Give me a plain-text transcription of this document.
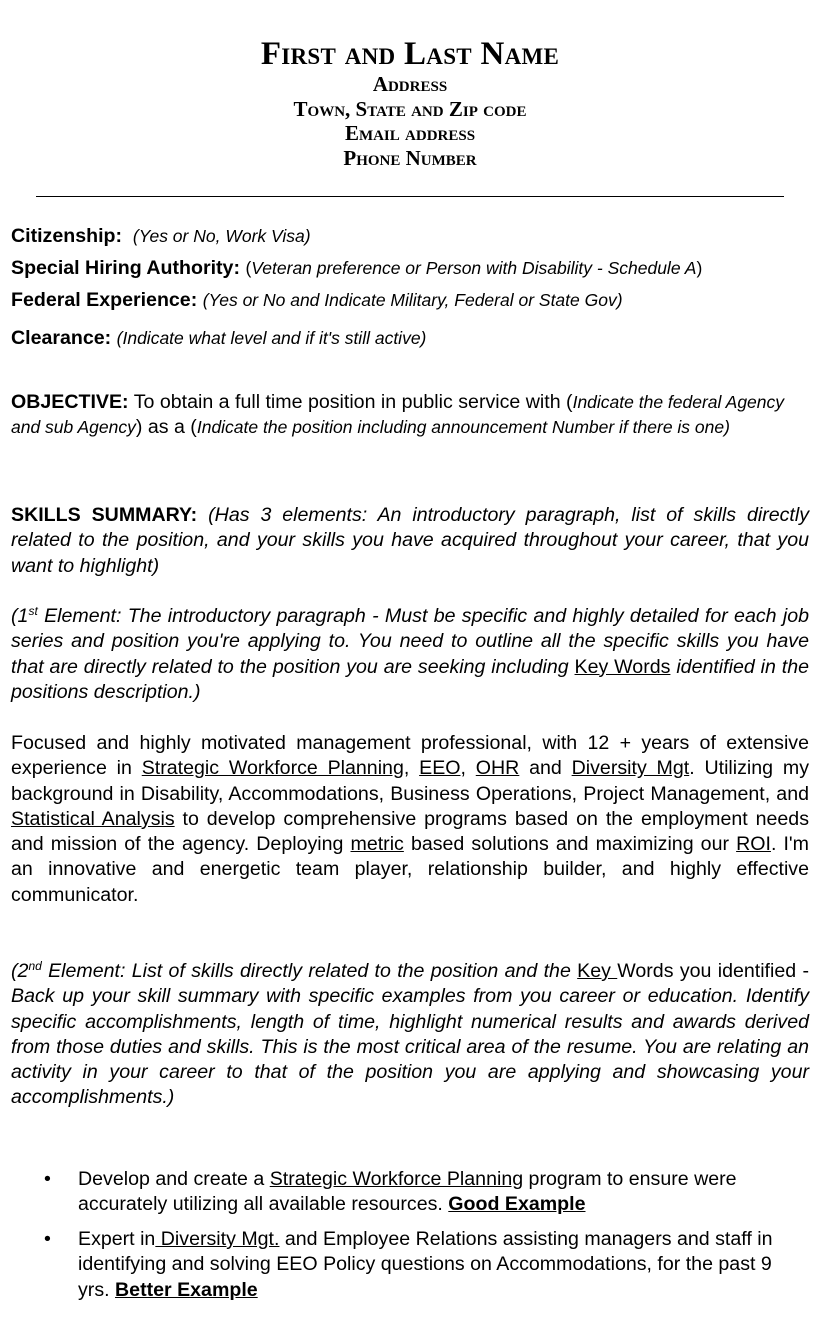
First and Last Name
Address
Town, State and Zip code
Email address
Phone Number
Citizenship: (Yes or No, Work Visa)
Special Hiring Authority: (Veteran preference or Person with Disability - Schedule A)
Federal Experience: (Yes or No and Indicate Military, Federal or State Gov)
Clearance: (Indicate what level and if it's still active)
OBJECTIVE: To obtain a full time position in public service with (Indicate the federal Agency and sub Agency) as a (Indicate the position including announcement Number if there is one)
SKILLS SUMMARY: (Has 3 elements: An introductory paragraph, list of skills directly related to the position, and your skills you have acquired throughout your career, that you want to highlight)
(1st Element: The introductory paragraph - Must be specific and highly detailed for each job series and position you're applying to. You need to outline all the specific skills you have that are directly related to the position you are seeking including Key Words identified in the positions description.)
Focused and highly motivated management professional, with 12 + years of extensive experience in Strategic Workforce Planning, EEO, OHR and Diversity Mgt. Utilizing my background in Disability, Accommodations, Business Operations, Project Management, and Statistical Analysis to develop comprehensive programs based on the employment needs and mission of the agency. Deploying metric based solutions and maximizing our ROI. I'm an innovative and energetic team player, relationship builder, and highly effective communicator.
(2nd Element: List of skills directly related to the position and the Key Words you identified - Back up your skill summary with specific examples from you career or education. Identify specific accomplishments, length of time, highlight numerical results and awards derived from those duties and skills. This is the most critical area of the resume. You are relating an activity in your career to that of the position you are applying and showcasing your accomplishments.)
• Develop and create a Strategic Workforce Planning program to ensure were accurately utilizing all available resources. Good Example
• Expert in Diversity Mgt. and Employee Relations assisting managers and staff in identifying and solving EEO Policy questions on Accommodations, for the past 9 yrs. Better Example
